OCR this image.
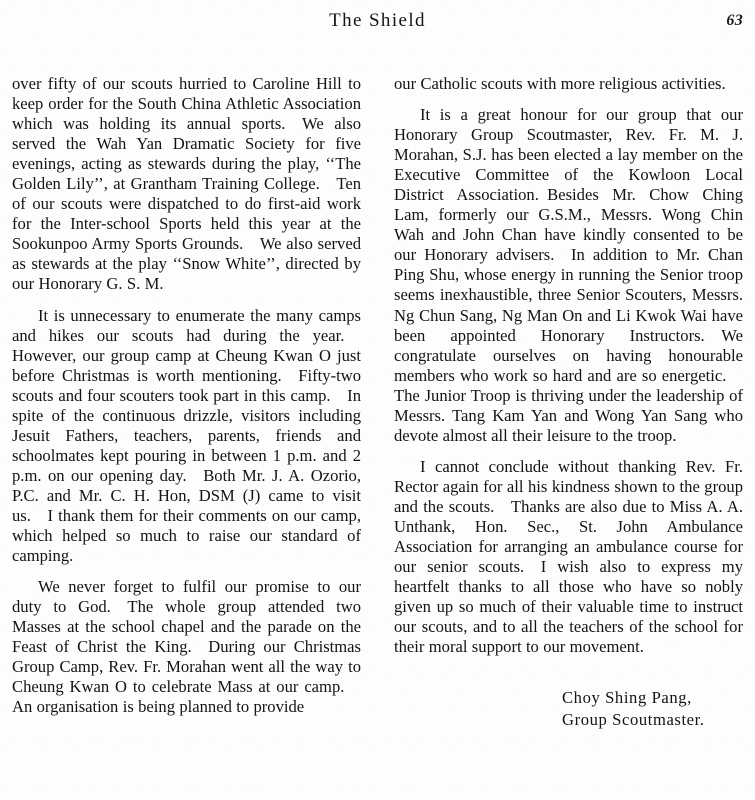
The Shield	63

over fifty of our scouts hurried to Caroline Hill to keep order for the South China Athletic Association which was holding its annual sports.  We also served the Wah Yan Dramatic Society for five evenings, acting as stewards during the play, ‘‘The Golden Lily’’, at Grantham Training College.  Ten of our scouts were dispatched to do first-aid work for the Inter-school Sports held this year at the Sookunpoo Army Sports Grounds.  We also served as stewards at the play ‘‘Snow White’’, directed by our Honorary G. S. M.

It is unnecessary to enumerate the many camps and hikes our scouts had during the year.  However, our group camp at Cheung Kwan O just before Christmas is worth mentioning.  Fifty-two scouts and four scouters took part in this camp.  In spite of the continuous drizzle, visitors including Jesuit Fathers, teachers, parents, friends and schoolmates kept pouring in between 1 p.m. and 2 p.m. on our opening day.  Both Mr. J. A. Ozorio, P.C. and Mr. C. H. Hon, DSM (J) came to visit us.  I thank them for their comments on our camp, which helped so much to raise our standard of camping.

We never forget to fulfil our promise to our duty to God.  The whole group attended two Masses at the school chapel and the parade on the Feast of Christ the King.  During our Christmas Group Camp, Rev. Fr. Morahan went all the way to Cheung Kwan O to celebrate Mass at our camp.  An organisation is being planned to provide

our Catholic scouts with more religious activities.

It is a great honour for our group that our Honorary Group Scoutmaster, Rev. Fr. M. J. Morahan, S.J. has been elected a lay member on the Executive Committee of the Kowloon Local District Association. Besides Mr. Chow Ching Lam, formerly our G.S.M., Messrs. Wong Chin Wah and John Chan have kindly consented to be our Honorary advisers.  In addition to Mr. Chan Ping Shu, whose energy in running the Senior troop seems inexhaustible, three Senior Scouters, Messrs. Ng Chun Sang, Ng Man On and Li Kwok Wai have been appointed Honorary Instructors.  We congratulate ourselves on having honourable members who work so hard and are so energetic.  The Junior Troop is thriving under the leadership of Messrs. Tang Kam Yan and Wong Yan Sang who devote almost all their leisure to the troop.

I cannot conclude without thanking Rev. Fr. Rector again for all his kindness shown to the group and the scouts.  Thanks are also due to Miss A. A. Unthank, Hon. Sec., St. John Ambulance Association for arranging an ambulance course for our senior scouts.  I wish also to express my heartfelt thanks to all those who have so nobly given up so much of their valuable time to instruct our scouts, and to all the teachers of the school for their moral support to our movement.

Choy Shing Pang,
Group Scoutmaster.
